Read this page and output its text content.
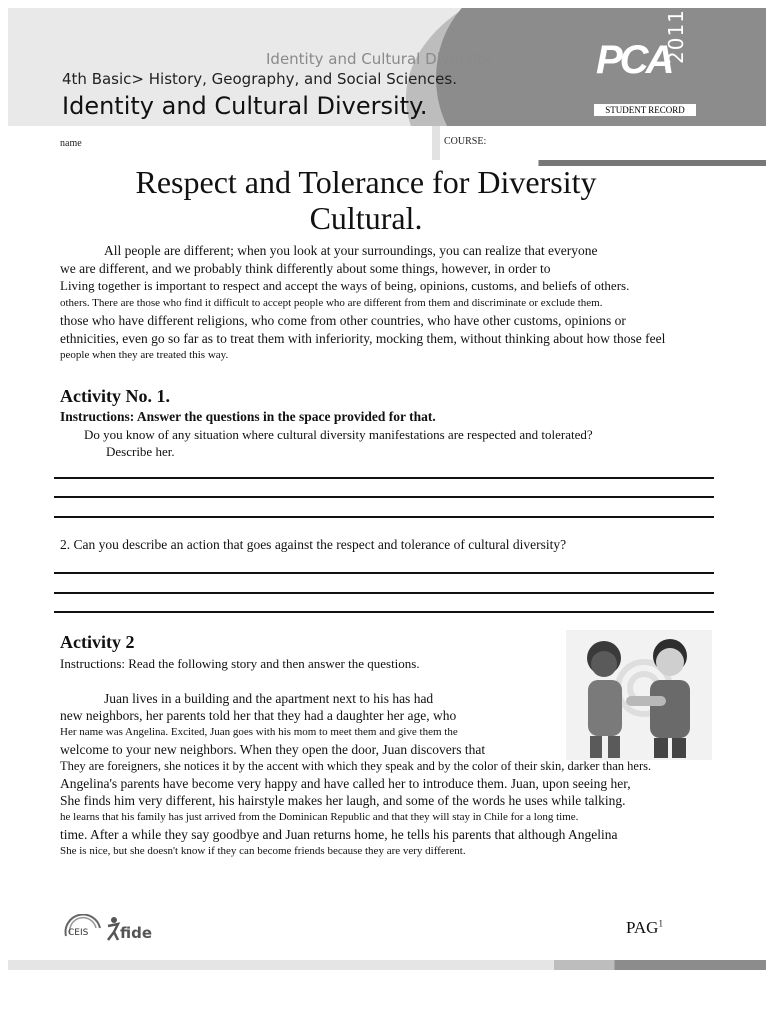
Identity and Cultural Diversity
4th Basic> History, Geography, and Social Sciences.
Identity and Cultural Diversity.
PCA
2011
STUDENT RECORD
name	COURSE:
Respect and Tolerance for Diversity
Cultural.

All people are different; when you look at your surroundings, you can realize that everyone

we are different, and we probably think differently about some things, however, in order to

Living together is important to respect and accept the ways of being, opinions, customs, and beliefs of others.

others. There are those who find it difficult to accept people who are different from them and discriminate or exclude them.

those who have different religions, who come from other countries, who have other customs, opinions or

ethnicities, even go so far as to treat them with inferiority, mocking them, without thinking about how those feel

people when they are treated this way.

Activity No. 1.
Instructions: Answer the questions in the space provided for that.
Do you know of any situation where cultural diversity manifestations are respected and tolerated?
Describe her.
2. Can you describe an action that goes against the respect and tolerance of cultural diversity?
Activity 2
Instructions: Read the following story and then answer the questions.

Juan lives in a building and the apartment next to his has had

new neighbors, her parents told her that they had a daughter her age, who

Her name was Angelina. Excited, Juan goes with his mom to meet them and give them the

welcome to your new neighbors. When they open the door, Juan discovers that

They are foreigners, she notices it by the accent with which they speak and by the color of their skin, darker than hers.

Angelina's parents have become very happy and have called her to introduce them. Juan, upon seeing her,

She finds him very different, his hairstyle makes her laugh, and some of the words he uses while talking.

he learns that his family has just arrived from the Dominican Republic and that they will stay in Chile for a long time.

time. After a while they say goodbye and Juan returns home, he tells his parents that although Angelina

She is nice, but she doesn't know if they can become friends because they are very different.

CEIS fide	PAG$^1$
